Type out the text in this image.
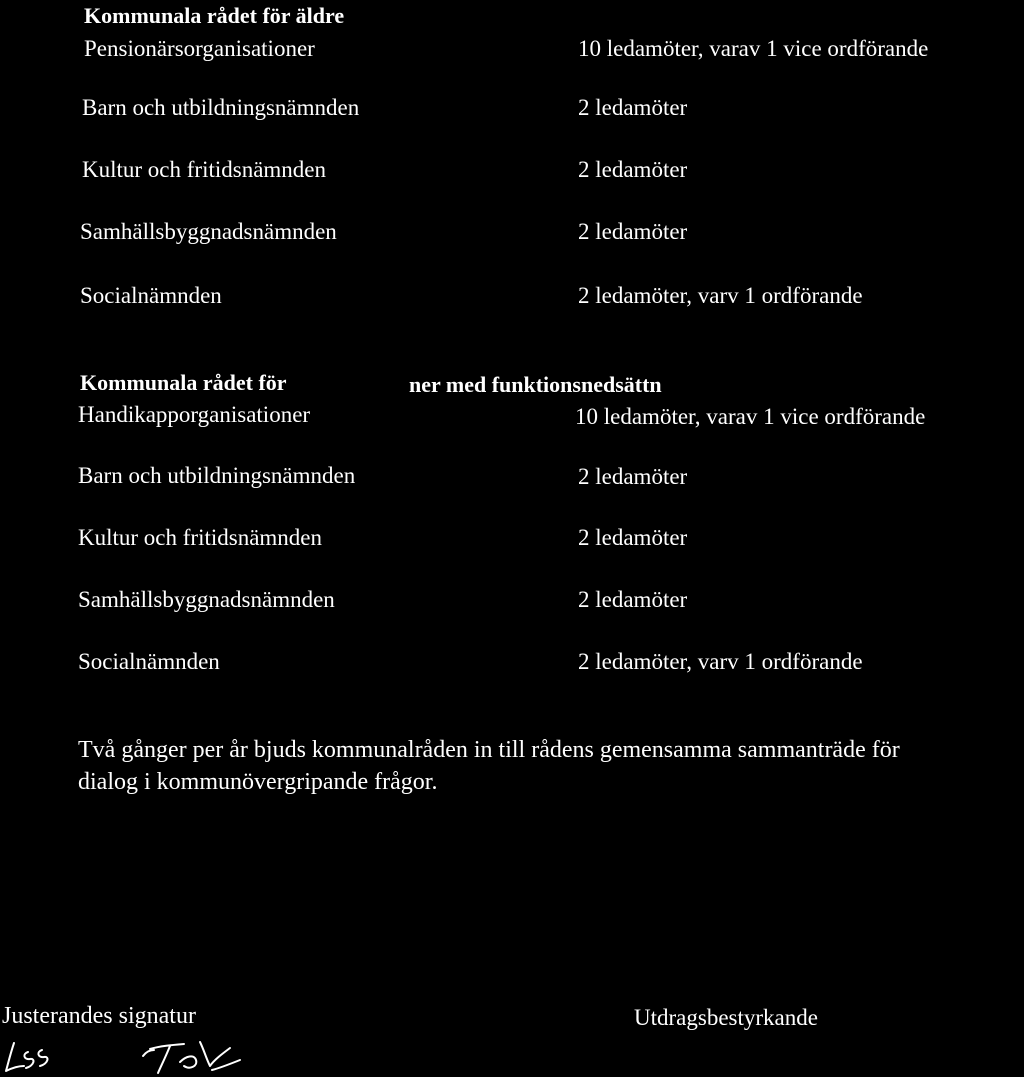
Kommunala rådet för äldre
Pensionärsorganisationer	10 ledamöter, varav 1 vice ordförande
Barn och utbildningsnämnden	2 ledamöter
Kultur och fritidsnämnden	2 ledamöter
Samhällsbyggnadsnämnden	2 ledamöter
Socialnämnden	2 ledamöter, varv 1 ordförande
Kommunala rådet för	ner med funktionsnedsättn
Handikapporganisationer	10 ledamöter, varav 1 vice ordförande
Barn och utbildningsnämnden	2 ledamöter
Kultur och fritidsnämnden	2 ledamöter
Samhällsbyggnadsnämnden	2 ledamöter
Socialnämnden	2 ledamöter, varv 1 ordförande
Två gånger per år bjuds kommunalråden in till rådens gemensamma sammanträde för
dialog i kommunövergripande frågor.
Justerandes signatur	Utdragsbestyrkande
